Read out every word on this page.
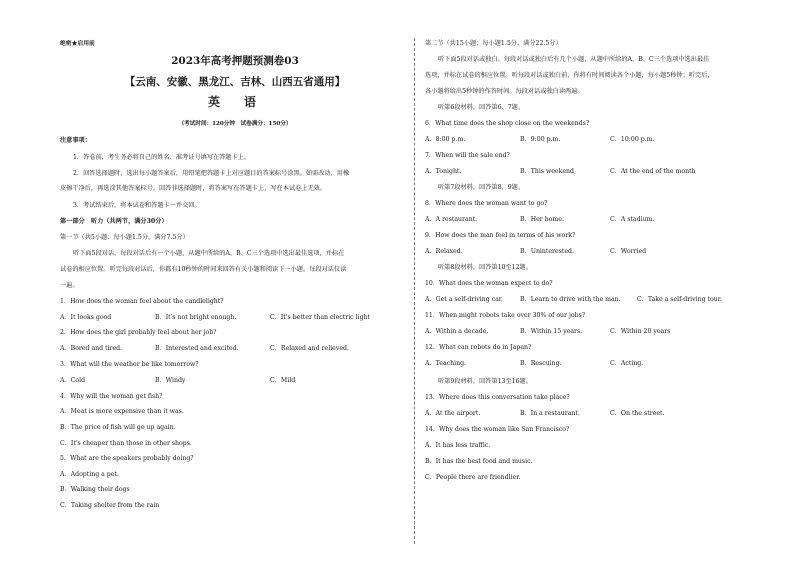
绝密★启用前
2023年高考押题预测卷03
【云南、安徽、黑龙江、吉林、山西五省通用】
英　语
（考试时间：120分钟　试卷满分：150分）
注意事项：
1．答卷前，考生务必将自己的姓名、准考证号填写在答题卡上。
2．回答选择题时，选出每小题答案后，用铅笔把答题卡上对应题目的答案标号涂黑。如需改动，用橡
皮擦干净后，再选涂其他答案标号。回答非选择题时，将答案写在答题卡上，写在本试卷上无效。
3．考试结束后，将本试卷和答题卡一并交回。
第一部分　听力（共两节，满分30分）
第一节（共5小题；每小题1.5分，满分7.5分）
听下面5段对话，每段对话后有一个小题，从题中所给的A、B、C三个选项中选出最佳选项，并标在
试卷的相应位置。听完每段对话后，你都有10秒钟的时间来回答有关小题和阅读下一小题。每段对话仅读
一遍。
1．How does the woman feel about the candlelight?
A．It looks good	B．It's not bright enough.	C．It's better than electric light
2．How does the girl probably feel about her job?
A．Bored and tired.	B．Interested and excited.	C．Relaxed and relieved.
3．What will the weather be like tomorrow?
A．Cold	B．Windy	C．Mild
4．Why will the woman get fish?
A．Meat is more expensive than it was.
B．The price of fish will go up again.
C．It's cheaper than those in other shops.
5．What are the speakers probably doing?
A．Adopting a pet.
B．Walking their dogs
C．Taking shelter from the rain
第二节（共15小题；每小题1.5分，满分22.5分）
听下面5段对话或独白。每段对话或独白后有几个小题，从题中所给的A、B、C三个选项中选出最佳
选项，并标在试卷的相应位置。听每段对话或独白前，你将有时间阅读各个小题，每小题5秒钟；听完后，
各小题将给出5秒钟的作答时间。每段对话或独白读两遍。
听第6段材料，回答第6、7题。
6．What time does the shop close on the weekends?
A．8:00 p.m.	B．9:00 p.m.	C．10:00 p.m.
7．When will the sale end?
A．Tonight.	B．This weekend	C．At the end of the month
听第7段材料，回答第8、9题。
8．Where does the woman want to go?
A．A restaurant.	B．Her home.	C．A stadium.
9．How does the man feel in terms of his work?
A．Relaxed.	B．Uninterested.	C．Worried
听第8段材料，回答第10至12题。
10．What does the woman expect to do?
A．Get a self-driving car.	B．Learn to drive with the man.	C．Take a self-driving tour.
11．When might robots take over 30% of our jobs?
A．Within a decade.	B．Within 15 years.	C．Within 20 years
12．What can robots do in Japan?
A．Teaching.	B．Rescuing.	C．Acting.
听第9段材料，回答第13至16题。
13．Where does this conversation take place?
A．At the airport.	B．In a restaurant.	C．On the street.
14．Why does the woman like San Francisco?
A．It has less traffic.
B．It has the best food and music.
C．People there are friendlier.
